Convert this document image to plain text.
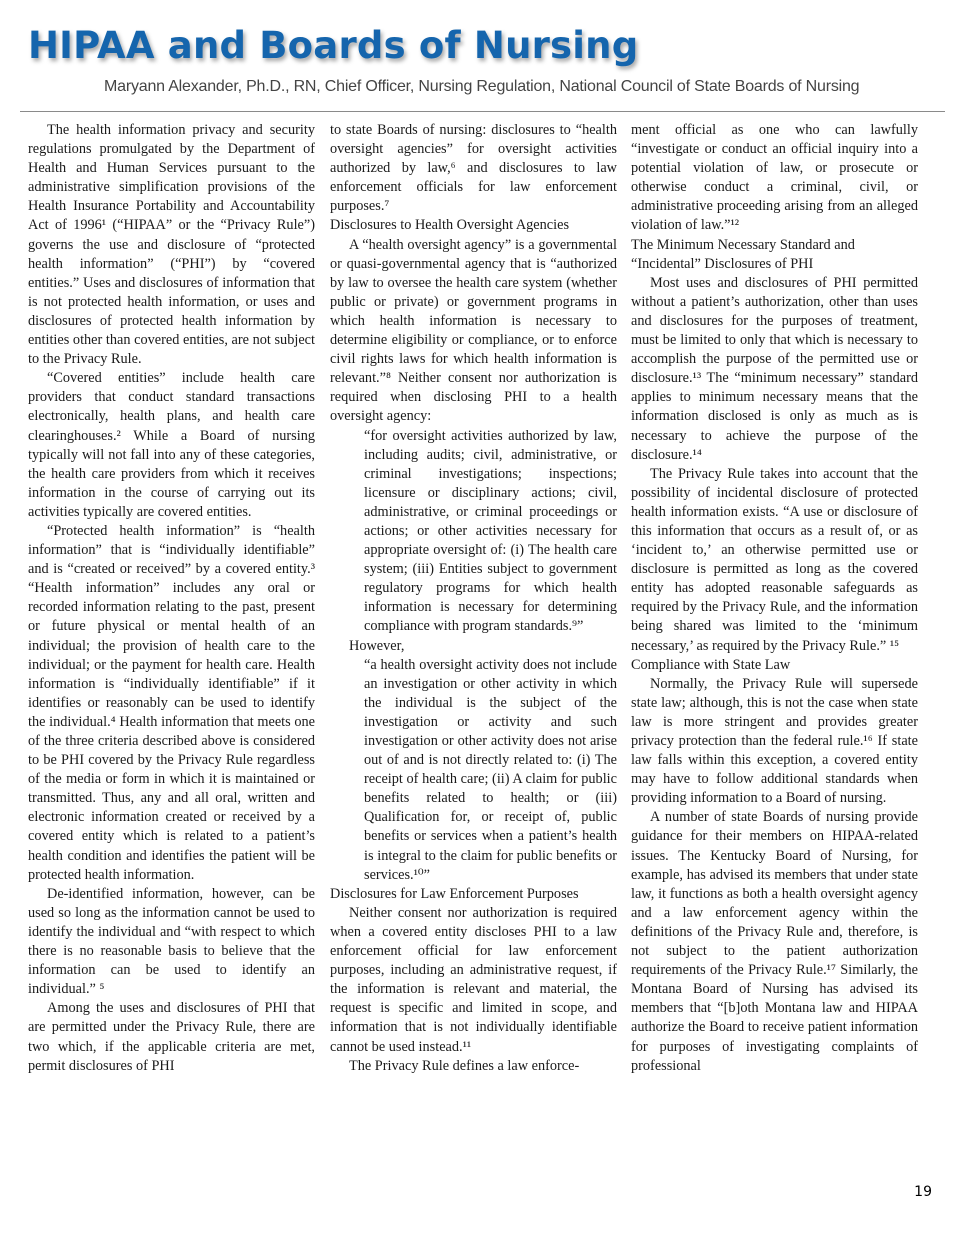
HIPAA and Boards of Nursing
Maryann Alexander, Ph.D., RN, Chief Officer, Nursing Regulation, National Council of State Boards of Nursing

The health information privacy and security regulations promulgated by the Department of Health and Human Services pursuant to the administrative simplification provisions of the Health Insurance Portability and Accountability Act of 1996¹ (“HIPAA” or the “Privacy Rule”) governs the use and disclosure of “protected health information” (“PHI”) by “covered entities.” Uses and disclosures of information that is not protected health information, or uses and disclosures of protected health information by entities other than covered entities, are not subject to the Privacy Rule.

“Covered entities” include health care providers that conduct standard transactions electronically, health plans, and health care clearinghouses.² While a Board of nursing typically will not fall into any of these categories, the health care providers from which it receives information in the course of carrying out its activities typically are covered entities.

“Protected health information” is “health information” that is “individually identifiable” and is “created or received” by a covered entity.³ “Health information” includes any oral or recorded information relating to the past, present or future physical or mental health of an individual; the provision of health care to the individual; or the payment for health care. Health information is “individually identifiable” if it identifies or reasonably can be used to identify the individual.⁴ Health information that meets one of the three criteria described above is considered to be PHI covered by the Privacy Rule regardless of the media or form in which it is maintained or transmitted. Thus, any and all oral, written and electronic information created or received by a covered entity which is related to a patient’s health condition and identifies the patient will be protected health information.

De-identified information, however, can be used so long as the information cannot be used to identify the individual and “with respect to which there is no reasonable basis to believe that the information can be used to identify an individual.” ⁵

Among the uses and disclosures of PHI that are permitted under the Privacy Rule, there are two which, if the applicable criteria are met, permit disclosures of PHI

to state Boards of nursing: disclosures to “health oversight agencies” for oversight activities authorized by law,⁶ and disclosures to law enforcement officials for law enforcement purposes.⁷

Disclosures to Health Oversight Agencies

A “health oversight agency” is a governmental or quasi-governmental agency that is “authorized by law to oversee the health care system (whether public or private) or government programs in which health information is necessary to determine eligibility or compliance, or to enforce civil rights laws for which health information is relevant.”⁸ Neither consent nor authorization is required when disclosing PHI to a health oversight agency:

“for oversight activities authorized by law, including audits; civil, administrative, or criminal investigations; inspections; licensure or disciplinary actions; civil, administrative, or criminal proceedings or actions; or other activities necessary for appropriate oversight of: (i) The health care system; (iii) Entities subject to government regulatory programs for which health information is necessary for determining compliance with program standards.⁹”

However,

“a health oversight activity does not include an investigation or other activity in which the individual is the subject of the investigation or activity and such investigation or other activity does not arise out of and is not directly related to: (i) The receipt of health care; (ii) A claim for public benefits related to health; or (iii) Qualification for, or receipt of, public benefits or services when a patient’s health is integral to the claim for public benefits or services.¹⁰”
Disclosures for Law Enforcement Purposes

Neither consent nor authorization is required when a covered entity discloses PHI to a law enforcement official for law enforcement purposes, including an administrative request, if the information is relevant and material, the request is specific and limited in scope, and information that is not individually identifiable cannot be used instead.¹¹

The Privacy Rule defines a law enforce-

ment official as one who can lawfully “investigate or conduct an official inquiry into a potential violation of law, or prosecute or otherwise conduct a criminal, civil, or administrative proceeding arising from an alleged violation of law.”¹²

The Minimum Necessary Standard and “Incidental” Disclosures of PHI

Most uses and disclosures of PHI permitted without a patient’s authorization, other than uses and disclosures for the purposes of treatment, must be limited to only that which is necessary to accomplish the purpose of the permitted use or disclosure.¹³ The “minimum necessary” standard applies to minimum necessary means that the information disclosed is only as much as is necessary to achieve the purpose of the disclosure.¹⁴

The Privacy Rule takes into account that the possibility of incidental disclosure of protected health information exists. “A use or disclosure of this information that occurs as a result of, or as ‘incident to,’ an otherwise permitted use or disclosure is permitted as long as the covered entity has adopted reasonable safeguards as required by the Privacy Rule, and the information being shared was limited to the ‘minimum necessary,’ as required by the Privacy Rule.” ¹⁵

Compliance with State Law

Normally, the Privacy Rule will supersede state law; although, this is not the case when state law is more stringent and provides greater privacy protection than the federal rule.¹⁶ If state law falls within this exception, a covered entity may have to follow additional standards when providing information to a Board of nursing.

A number of state Boards of nursing provide guidance for their members on HIPAA-related issues. The Kentucky Board of Nursing, for example, has advised its members that under state law, it functions as both a health oversight agency and a law enforcement agency within the definitions of the Privacy Rule and, therefore, is not subject to the patient authorization requirements of the Privacy Rule.¹⁷ Similarly, the Montana Board of Nursing has advised its members that “[b]oth Montana law and HIPAA authorize the Board to receive patient information for purposes of investigating complaints of professional

19
